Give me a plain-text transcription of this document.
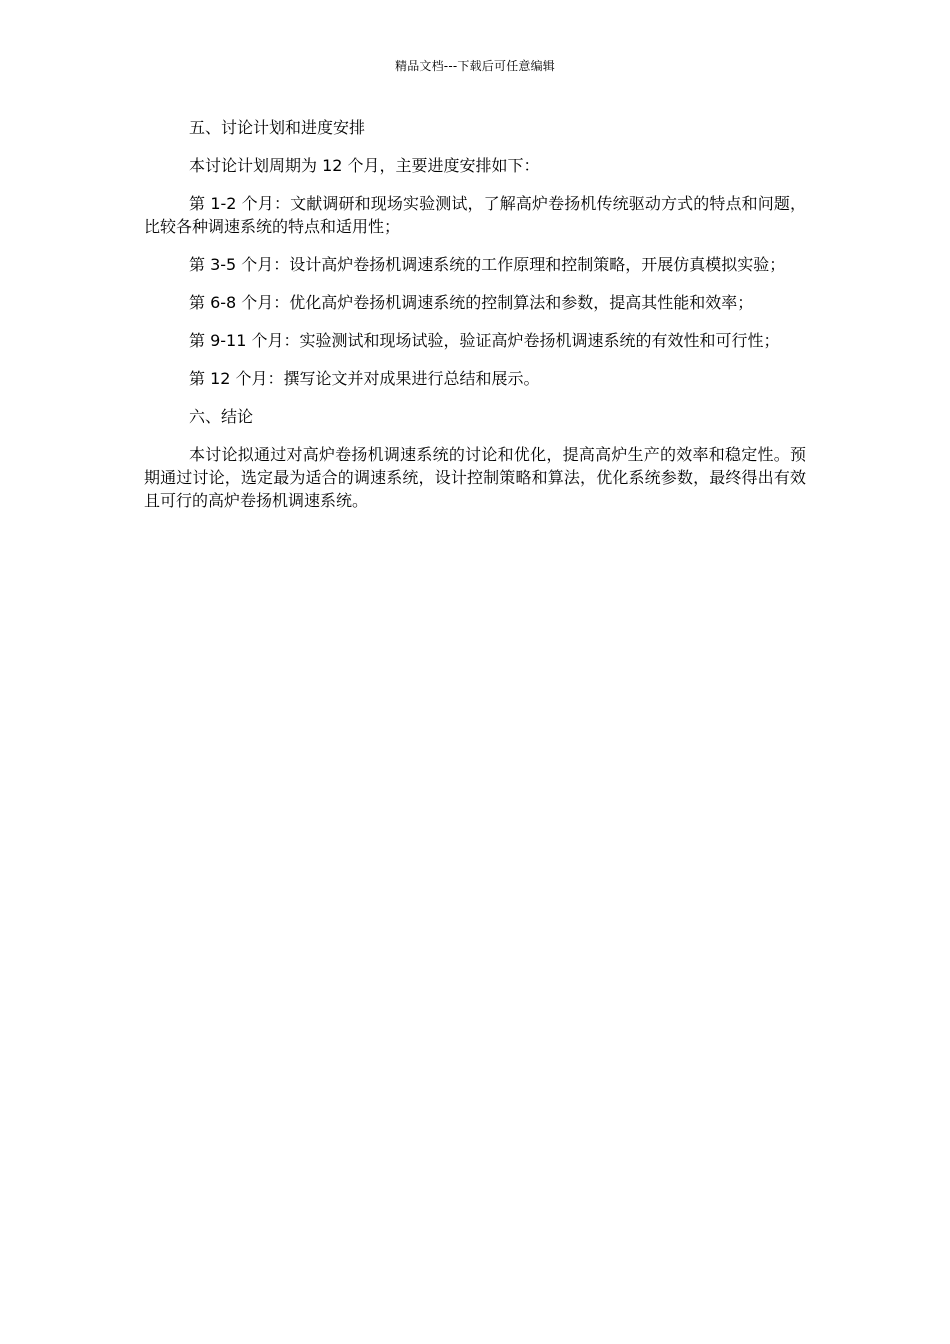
精品文档---下载后可任意编辑

五、讨论计划和进度安排

本讨论计划周期为 12 个月，主要进度安排如下：

第 1-2 个月：文献调研和现场实验测试，了解高炉卷扬机传统驱动方式的特点和问题，比较各种调速系统的特点和适用性；

第 3-5 个月：设计高炉卷扬机调速系统的工作原理和控制策略，开展仿真模拟实验；

第 6-8 个月：优化高炉卷扬机调速系统的控制算法和参数，提高其性能和效率；

第 9-11 个月：实验测试和现场试验，验证高炉卷扬机调速系统的有效性和可行性；

第 12 个月：撰写论文并对成果进行总结和展示。

六、结论

本讨论拟通过对高炉卷扬机调速系统的讨论和优化，提高高炉生产的效率和稳定性。预期通过讨论，选定最为适合的调速系统，设计控制策略和算法，优化系统参数，最终得出有效且可行的高炉卷扬机调速系统。
